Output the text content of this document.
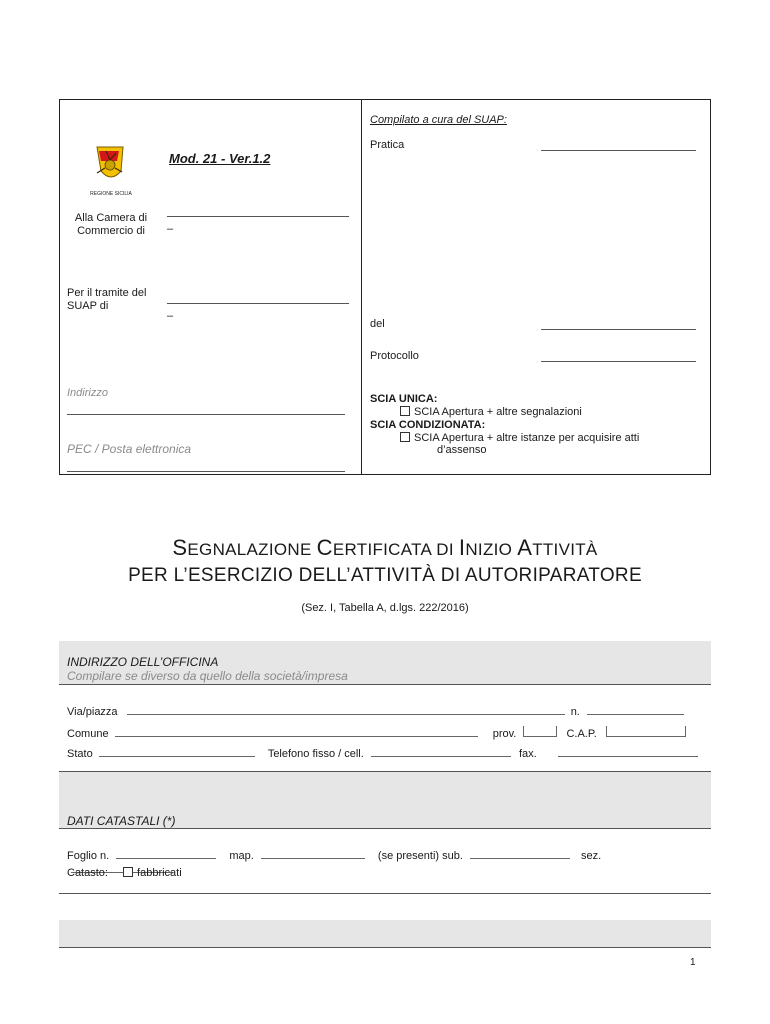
REGIONE SICILIA
Mod. 21 - Ver.1.2
Alla Camera di
Commercio di	–
Per il tramite del
SUAP di
–
Indirizzo
PEC / Posta elettronica
Compilato a cura del SUAP:
Pratica
del
Protocollo
SCIA UNICA:
SCIA Apertura + altre segnalazioni
SCIA CONDIZIONATA:
SCIA Apertura + altre istanze per acquisire atti
d’assenso
SEGNALAZIONE CERTIFICATA DI INIZIO ATTIVITÀ
PER L’ESERCIZIO DELL’ATTIVITÀ DI AUTORIPARATORE
(Sez. I, Tabella A, d.lgs. 222/2016)
INDIRIZZO DELL’OFFICINA
Compilare se diverso da quello della società/impresa
Via/piazza	n.
Comune	prov.	C.A.P.
Stato	Telefono fisso / cell.	fax.
DATI CATASTALI (*)
Foglio n.	map.	(se presenti) sub.	sez.
Catasto:	fabbricati
1
